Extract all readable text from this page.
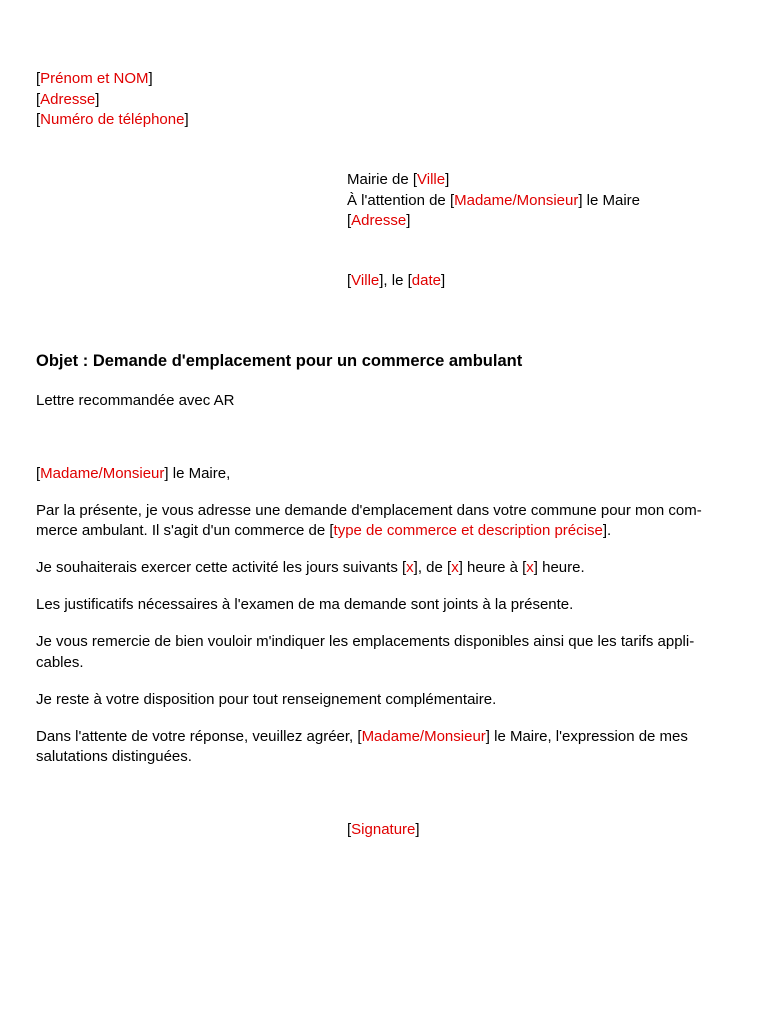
[Prénom et NOM]
[Adresse]
[Numéro de téléphone]
Mairie de [Ville]
À l'attention de [Madame/Monsieur] le Maire
[Adresse]
[Ville], le [date]
Objet : Demande d'emplacement pour un commerce ambulant
Lettre recommandée avec AR

[Madame/Monsieur] le Maire,

Par la présente, je vous adresse une demande d'emplacement dans votre commune pour mon com-
merce ambulant. Il s'agit d'un commerce de [type de commerce et description précise].

Je souhaiterais exercer cette activité les jours suivants [x], de [x] heure à [x] heure.

Les justificatifs nécessaires à l'examen de ma demande sont joints à la présente.

Je vous remercie de bien vouloir m'indiquer les emplacements disponibles ainsi que les tarifs appli-
cables.

Je reste à votre disposition pour tout renseignement complémentaire.

Dans l'attente de votre réponse, veuillez agréer, [Madame/Monsieur] le Maire, l'expression de mes
salutations distinguées.

[Signature]
